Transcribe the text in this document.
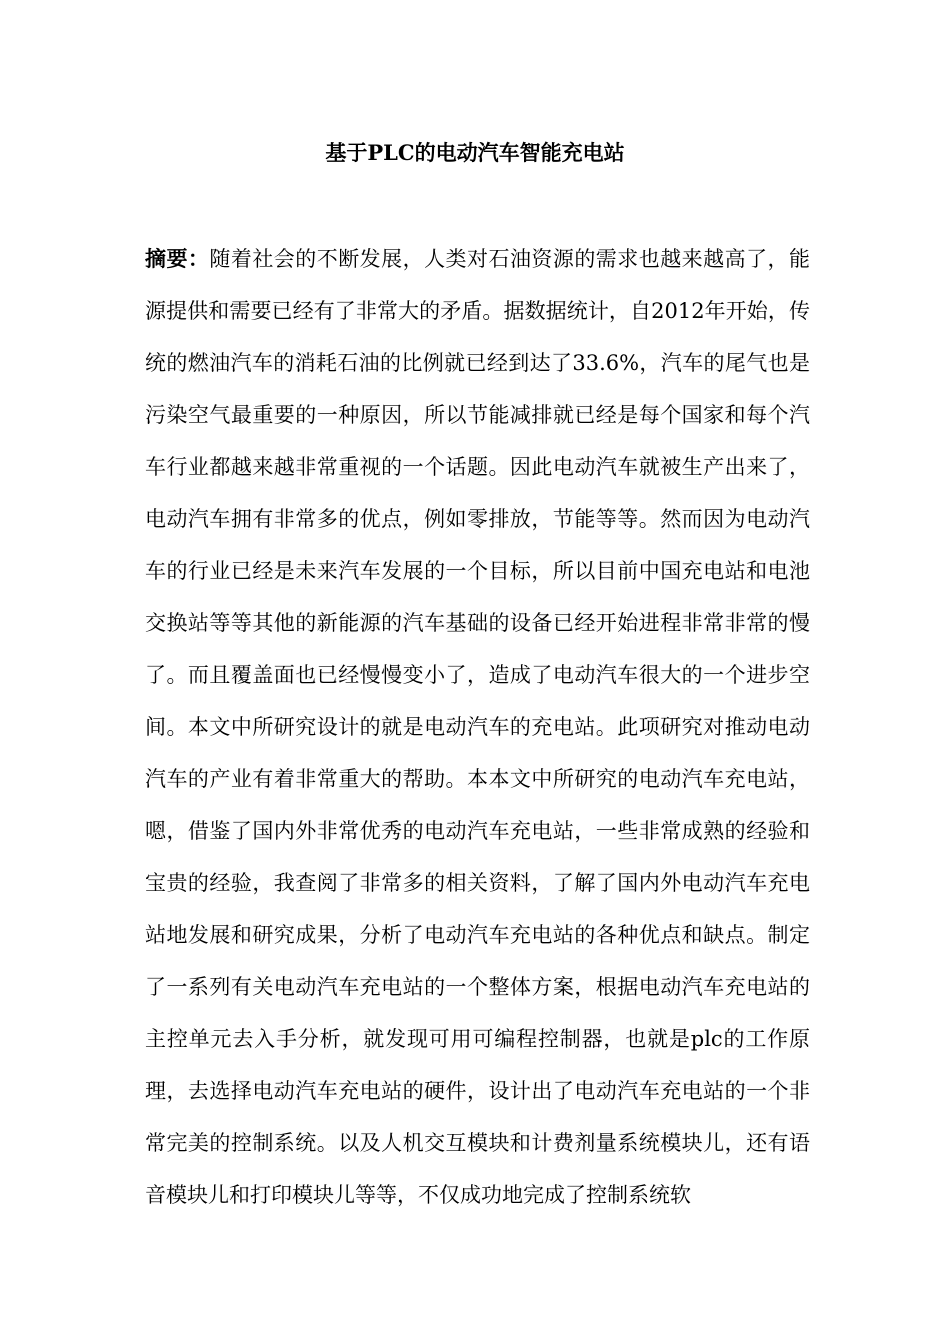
基于PLC的电动汽车智能充电站

摘要：随着社会的不断发展，人类对石油资源的需求也越来越高了，能源提供和需要已经有了非常大的矛盾。据数据统计，自2012年开始，传统的燃油汽车的消耗石油的比例就已经到达了33.6%，汽车的尾气也是污染空气最重要的一种原因，所以节能减排就已经是每个国家和每个汽车行业都越来越非常重视的一个话题。因此电动汽车就被生产出来了，电动汽车拥有非常多的优点，例如零排放，节能等等。然而因为电动汽车的行业已经是未来汽车发展的一个目标，所以目前中国充电站和电池交换站等等其他的新能源的汽车基础的设备已经开始进程非常非常的慢了。而且覆盖面也已经慢慢变小了，造成了电动汽车很大的一个进步空间。本文中所研究设计的就是电动汽车的充电站。此项研究对推动电动汽车的产业有着非常重大的帮助。本本文中所研究的电动汽车充电站，嗯，借鉴了国内外非常优秀的电动汽车充电站，一些非常成熟的经验和宝贵的经验，我查阅了非常多的相关资料，了解了国内外电动汽车充电站地发展和研究成果，分析了电动汽车充电站的各种优点和缺点。制定了一系列有关电动汽车充电站的一个整体方案，根据电动汽车充电站的主控单元去入手分析，就发现可用可编程控制器，也就是plc的工作原理，去选择电动汽车充电站的硬件，设计出了电动汽车充电站的一个非常完美的控制系统。以及人机交互模块和计费剂量系统模块儿，还有语音模块儿和打印模块儿等等，不仅成功地完成了控制系统软
